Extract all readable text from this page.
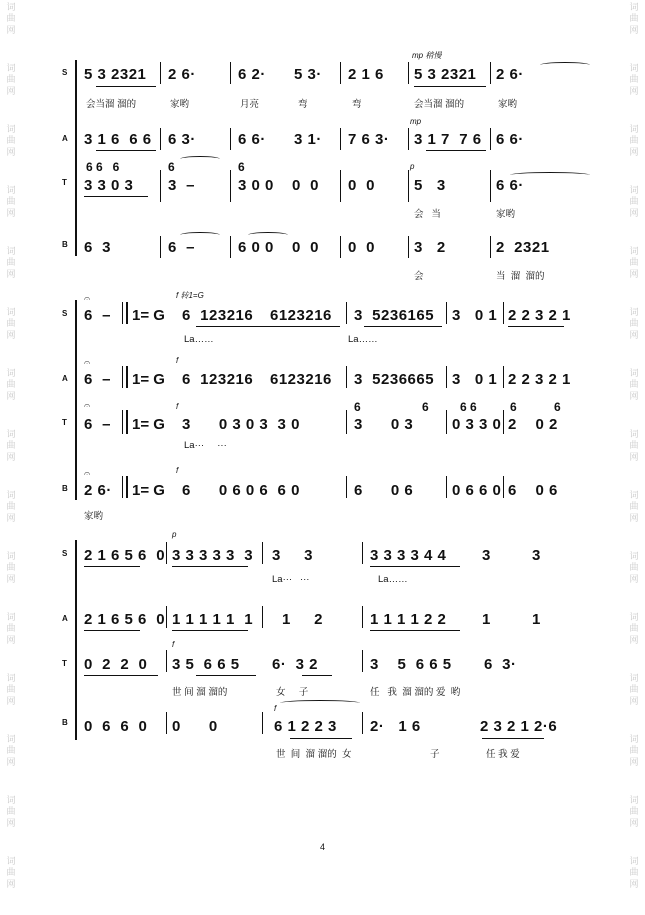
词
曲
网
词
曲
网
词
曲
网
词
曲
网
词
曲
网
词
曲
网
词
曲
网
词
曲
网
词
曲
网
词
曲
网
词
曲
网
词
曲
网
词
曲
网
词
曲
网
词
曲
网
词
曲
网
词
曲
网
词
曲
网
词
曲
网
词
曲
网
词
曲
网
词
曲
网
词
曲
网
词
曲
网
词
曲
网
词
曲
网
词
曲
网
词
曲
网
词
曲
网
词
曲
网
S
A
T
B
5 3 2321 2 6·	6 2· 5 3· 2 1 6 5 3 2321 2 6·
mp 稍慢
会当溜 溜的	家哟	月亮	弯	弯	会当溜 溜的	家哟
3 1 6  6 6 6 3·	6 6· 3 1· 7 6 3· 3 1 7  7 6 6 6·
mp
6 6   6	6	6
3 3 0 3 3  –	3 0 0 0  0 0  0	5   3	6 6·
p
会   当	家哟
6  3	6  –	6 0 0 0  0 0  0	3   2	2  2321
会	当  溜  溜的
S
A
T
B
𝄐
6  – 1= G
f 转1=G
6  123216 6123216 3  5236165 3   0 1 2 2 3 2 1
La……	La……
𝄐
6  – 1= G
f
6  123216 6123216 3  5236665 3   0 1 2 2 3 2 1
𝄐
6  – 1= G
f
3      0 3 0 3  3 0
6	6
3      0 3
6 6
0 3 3 0
6	6
2    0 2
La···     ···
𝄐
2 6· 1= G
f
6      0 6 0 6  6 0	6      0 6	0 6 6 0 6    0 6
家哟
S
A
T
B
2 1 6 5 6  0
p
3 3 3 3 3  3 3     3	3 3 3 3 4 4 3	3
La···   ···	La……
2 1 6 5 6  0 1 1 1 1 1  1 1     2	1 1 1 1 2 2 1	1
0  2  2  0
f
3 5  6 6 5 6·  3 2	3    5  6 6 5 6  3·
世 间 溜 溜的	女     子	任   我  溜 溜的 爱  哟
0  6  6  0 0      0
f
6 1 2 2 3 2·   1 6	2 3 2 1 2·6
世  间  溜 溜的  女	子	任 我 爱
4
